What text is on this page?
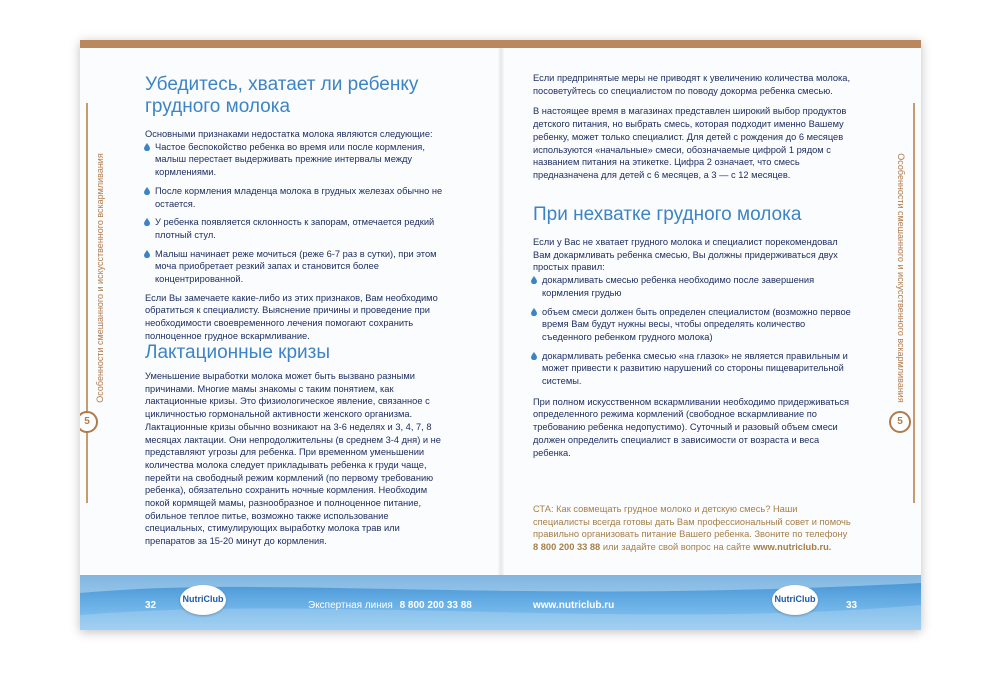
Убедитесь, хватает ли ребенку грудного молока

Основными признаками недостатка молока являются следующие:

Частое беспокойство ребенка во время или после кормления, малыш перестает выдерживать прежние интервалы между кормлениями.
После кормления младенца молока в грудных железах обычно не остается.
У ребенка появляется склонность к запорам, отмечается редкий плотный стул.
Малыш начинает реже мочиться (реже 6-7 раз в сутки), при этом моча приобретает резкий запах и становится более концентрированной.

Если Вы замечаете какие-либо из этих признаков, Вам необходимо обратиться к специалисту. Выяснение причины и проведение при необходимости своевременного лечения помогают сохранить полноценное грудное вскармливание.

Лактационные кризы

Уменьшение выработки молока может быть вызвано разными причинами. Многие мамы знакомы с таким понятием, как лактационные кризы. Это физиологическое явление, связанное с цикличностью гормональной активности женского организма. Лактационные кризы обычно возникают на 3-6 неделях и 3, 4, 7, 8 месяцах лактации. Они непродолжительны (в среднем 3-4 дня) и не представляют угрозы для ребенка. При временном уменьшении количества молока следует прикладывать ребенка к груди чаще, перейти на свободный режим кормлений (по первому требованию ребенка), обязательно сохранить ночные кормления. Необходим покой кормящей мамы, разнообразное и полноценное питание, обильное теплое питье, возможно также использование специальных, стимулирующих выработку молока трав или препаратов за 15-20 минут до кормления.

Особенности смешанного и искусственного вскармливания
5

Если предпринятые меры не приводят к увеличению количества молока, посоветуйтесь со специалистом по поводу докорма ребенка смесью.

В настоящее время в магазинах представлен широкий выбор продуктов детского питания, но выбрать смесь, которая подходит именно Вашему ребенку, может только специалист. Для детей с рождения до 6 месяцев используются «начальные» смеси, обозначаемые цифрой 1 рядом с названием питания на этикетке. Цифра 2 означает, что смесь предназначена для детей с 6 месяцев, а 3 — с 12 месяцев.

При нехватке грудного молока

Если у Вас не хватает грудного молока и специалист порекомендовал Вам докармливать ребенка смесью, Вы должны придерживаться двух простых правил:

докармливать смесью ребенка необходимо после завершения кормления грудью
объем смеси должен быть определен специалистом (возможно первое время Вам будут нужны весы, чтобы определять количество съеденного ребенком грудного молока)
докармливать ребенка смесью «на глазок» не является правильным и может привести к развитию нарушений со стороны пищеварительной системы.

При полном искусственном вскармливании необходимо придерживаться определенного режима кормлений (свободное вскармливание по требованию ребенка недопустимо). Суточный и разовый объем смеси должен определить специалист в зависимости от возраста и веса ребенка.

СТА: Как совмещать грудное молоко и детскую смесь? Наши специалисты всегда готовы дать Вам профессиональный совет и помочь правильно организовать питание Вашего ребенка. Звоните по телефону 8 800 200 33 88 или задайте свой вопрос на сайте www.nutriclub.ru.
Особенности смешанного и искусственного вскармливания
5
32
NutriClub
Экспертная линия 8 800 200 33 88	www.nutriclub.ru
NutriClub
33
